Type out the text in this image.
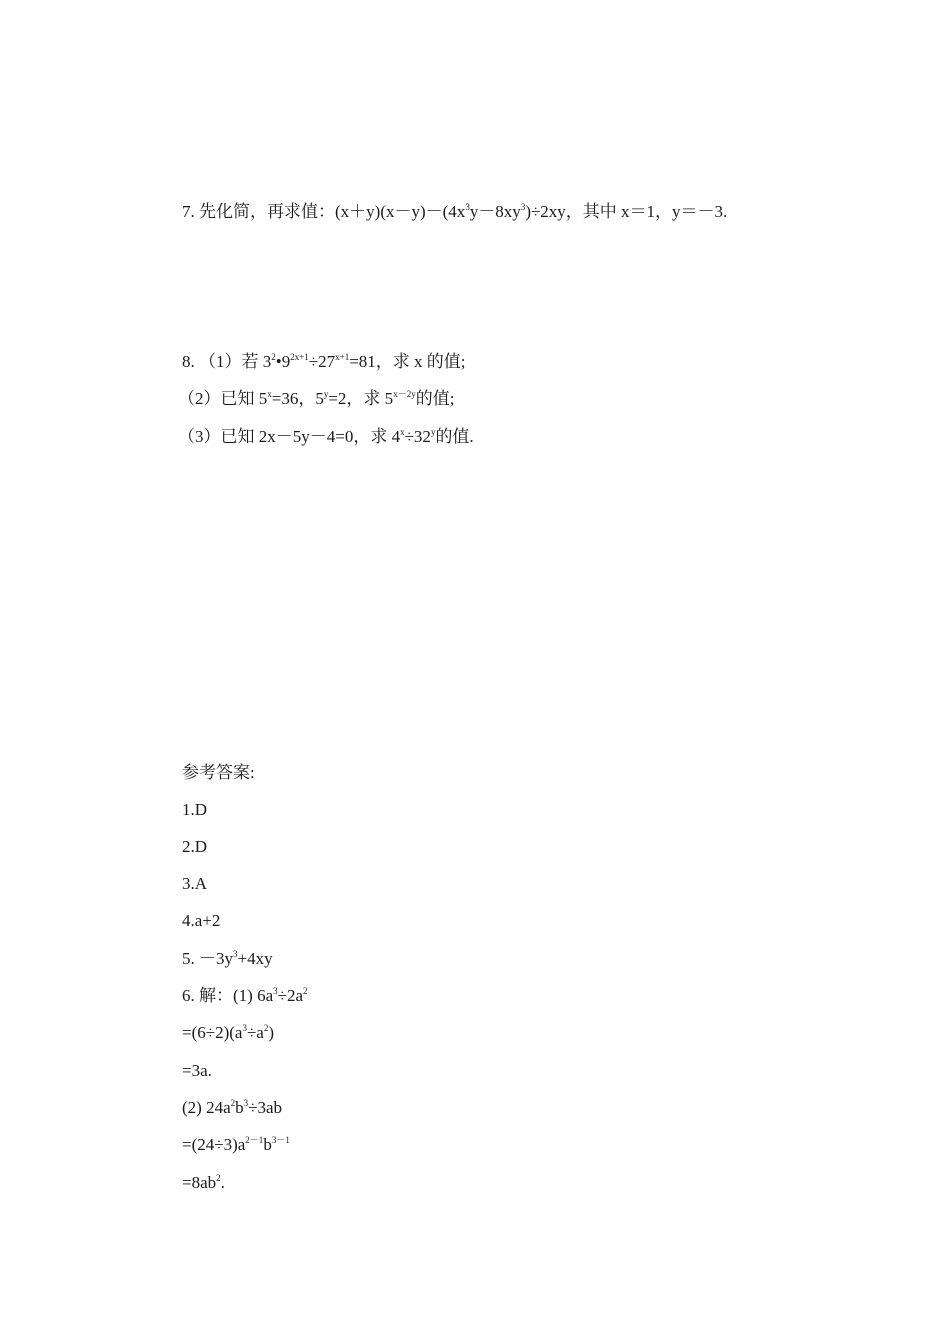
7. 先化简，再求值：$(x+y)(x-y)-(4x^3y-8xy^3)\div 2xy$，其中 x＝1，y＝－3.
8. （1）若 $3^2•9^{2x+1}\div 27^{x+1}=81$，求 x 的值;
（2）已知 $5^x=36$，$5^y=2$，求 $5^{x-2y}$的值;
（3）已知 2x－5y－4=0，求 $4^x\div 32^y$的值.
参考答案:
1.D
2.D
3.A
4.a+2
5. $-3y^3+4xy$
6. 解：(1) $6a^3\div 2a^2$
$=(6\div 2)(a^3\div a^2)$
=3a.
(2) $24a^2b^3\div 3ab$
$=(24\div 3)a^{2-1}b^{3-1}$
$=8ab^2$.
